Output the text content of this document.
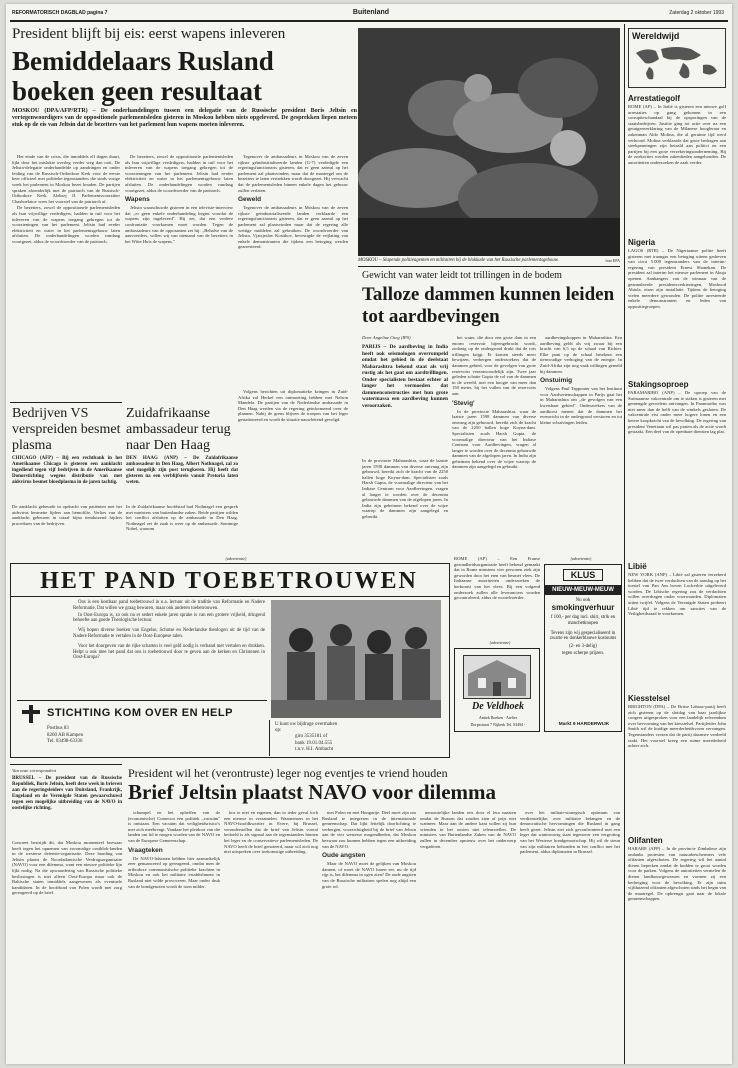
REFORMATORISCH DAGBLAD pagina 7	Buitenland	Zaterdag 2 oktober 1993
President blijft bij eis: eerst wapens inleveren
Bemiddelaars Rusland boeken geen resultaat
MOSKOU (DPA/AFP/RTR) – De onderhandelingen tussen een delegatie van de Russische president Boris Jeltsin en vertegenwoordigers van de oppositionele parlementsleden gisteren in Moskou hebben niets opgeleverd. De gesprekken liepen meteen stuk op de eis van Jeltsin dat de bezetters van het parlement hun wapens moeten inleveren.

Het einde van de crisis, die inmiddels elf dagen duurt, lijkt door het mislukte overleg verder weg dan ooit. De Jeltsin-delegatie onderhandelde op aandringen en onder leiding van de Russisch-Orthodoxe Kerk voor de eerste keer officieel met politieke tegenstanders die sinds vorige week het parlement in Moskou bezet houden. De partijen spraken afzonderlijk met de patriarch van de Russisch-Orthodoxe Kerk, Aleksej II. Parlementsvoorzitter Chasboelatov wees het voorstel van de patriarch af.

De bezetters, zowel de oppositionele parlementsleden als hun vrijwillige verdedigers, hadden in ruil voor het inleveren van de wapens toegang gekregen tot de voorzieningen van het parlement. Jeltsin had eerder elektriciteit en water in het parlementsgebouw laten afsluiten. De onderhandelingen worden vandaag voortgezet, aldus de woordvoerder van de patriarch.

De bezetters, zowel de oppositionele parlementsleden als hun vrijwillige verdedigers, hadden in ruil voor het inleveren van de wapens toegang gekregen tot de voorzieningen van het parlement. Jeltsin had eerder elektriciteit en water in het parlementsgebouw laten afsluiten. De onderhandelingen worden vandaag voortgezet, aldus de woordvoerder van de patriarch.

Wapens

Jeltsin waarschuwde gisteren in een televisie-interview dat ,,er geen enkele onderhandeling begint voordat de wapens zijn ingeleverd''. Hij zei, dat een verdere confrontatie voorkomen moet worden. Tegen de ambassadeurs van de opposanten zei hij: ,,Behalve van de aanvoerders, willen wij van niemand van de bezetters in het Witte Huis de wapens.''

Tegenover de ambassadeurs in Moskou van de zeven rijkste geïndustrialiseerde landen (G-7) verdedigde een regeringsfunctionaris gisteren, dat er geen aanval op het parlement zal plaatsvinden, maar dat de maatregel om de bezetters te laten vertrekken wordt doorgezet. Hij verwacht dat de parlementsleden binnen enkele dagen het gebouw zullen verlaten.

Geweld

Tegenover de ambassadeurs in Moskou van de zeven rijkste geïndustrialiseerde landen verklaarde een regeringsfunctionaris gisteren, dat er geen aanval op het parlement zal plaatsvinden maar dat de regering alle wettige middelen zal gebruiken. De woordvoerder van Jeltsin, Vjatsjeslav Kostikov, bevestigde de vrijlating van enkele demonstranten die tijdens een betoging werden gearresteerd.

Volgens berichten uit diplomatieke kringen in Zuid-Afrika zal Herkel een ontmoeting hebben met Nelson Mandela. De partijen van de Nederlandse ambassade in Den Haag werden via de regering geïnformeerd over de plannen. Nabij de grens blijven de troepen van het leger gestationeerd en wordt de situatie nauwlettend gevolgd.

MOSKOU – Slapende politieagenten en militairen bij de blokkade van het Russische parlementsgebouw.	foto EPA
Wereldwijd
Arrestatiegolf
ROME (AP) – In Italië is gisteren een nieuwe golf arrestaties op gang gekomen in een corruptieschandaal bij de opsporingen van de staatsbedrijven. Justitie ging tot actie over na een getuigenverklaring van de Milanese hoogleraar en zakenman Aldo Molina, die al geruime tijd werd verhoord. Molina verklaarde dat grote bedragen aan steekpenningen zijn betaald aan politici en een partijen bij een grote verzekeringsonderneming. Bij de zoekacties werden zakenlieden aangehouden. De autoriteiten onderzoeken de zaak verder.
Nigeria
LAGOS (RTR) – De Nigeriaanse politie heeft gisteren met traangas een betoging uiteen gedreven van circa 5.000 tegenstanders van de interim-regering van president Ernest Shonekan. De president zal interim het nieuwe parlement in Abuja openen. Aanhangers van de winnaar van de geannuleerde presidentsverkiezingen, Moshood Abiola, eisen zijn installatie. Tijdens de betoging vielen meerdere gewonden. De politie arresteerde enkele demonstranten en leden van oppositiegroepen.
Stakingsoproep
PARAMARIBO (ANP) – De oproep van de Surinaamse vakcentrale om te staken is gisteren met gemengde gevoelens ontvangen. In Paramaribo was niet meer dan de helft van de winkels gesloten. De vakcentrale eist onder meer hogere lonen en een betere koopkracht van de bevolking. De regering van president Venetiaan wil pas praten als de actie wordt gestaakt. Een deel van de openbare diensten lag plat.
Libië
NEW YORK (ANP) – Libië zal gisteren verzekerd hebben dat de twee verdachten van de aanslag op het toestel van Pan Am boven Lockerbie uitgeleverd worden. De Libische regering zou de verdachten willen overdragen onder voorwaarden. Diplomaten uitten twijfel. Volgens de Verenigde Staten probeert Libië tijd te rekken om sancties van de Veiligheidsraad te voorkomen.
Kiesstelsel
BRIGHTON (DPA) – De Britse Labour-partij heeft zich gisteren op de slotdag van haar jaarlijkse congres uitgesproken voor een landelijk referendum over hervorming van het kiesstelsel. Partijleider John Smith wil de huidige meerderheidsvorm vervangen. Tegenstanders vrezen dat de partij daarmee verdeeld raakt. Het voorstel kreeg een ruime meerderheid achter zich.
Olifanten
HARARE (AFP) – In de provincie Zimbabwe zijn ondanks protesten van natuurbeschermers vele olifanten afgeschoten. De regering wil het aantal dieren beperken omdat de kudden te groot worden voor de parken. Volgens de autoriteiten vernielen de dieren landbouwgewassen en vormen zij een bedreiging voor de bevolking. Er zijn ruim vijfduizend olifanten afgeschoten sinds het begin van de maatregel. De opbrengst gaat naar de lokale gemeenschappen.
Gewicht van water leidt tot trillingen in de bodem
Talloze dammen kunnen leiden tot aardbevingen
Door Angeline Oseg (IPS)
PARIJS – De aardbeving in India heeft ook seismologen overrompeld omdat het gebied in de deelstaat Maharashtra bekend staat als vrij rustig als het gaat om aardtrillingen. Onder specialisten bestaat echter al langer het vermoeden dat dammenconstructies met hun grote watermassa een aardbeving kunnen veroorzaken.
In de provincie Maharashtra, waar de laatste jaren 1598 dammen van diverse omvang zijn gebouwd, bereikt zich de kracht van de 2250 ballen hoge Koyna-dam. Specialisten zoals Harsh Gupta, de voormalige directeur van het Indiase Centrum voor Aardbevingen, vragen al langer te worden over de decennia gebouwde dammen van de afgelopen jaren. In India zijn geheimen bekend over de wijze waarop de dammen zijn aangelegd en gebruikt.

het water, die door een grote dam in een enorm reservoir bijeengebracht wordt, zodanig op de ondergrond drukt dat de rots trillingen krijgt. Er komen steeds meer bewijzen, verbergen onderzoekers dat de dammen gebied, voor de gevolgen van grote reservoirs verantwoordelijk zijn. Twee jaar geleden schatte Gupta de rol van de dammen in de wereld, met een hoogte van meer dan 150 meter, bij het vullen van de reservoirs aan.

'Stevig'

In de provincie Maharashtra, waar de laatste jaren 1598 dammen van diverse omvang zijn gebouwd, bereikt zich de kracht van de 2250 ballen hoge Koyna-dam. Specialisten zoals Harsh Gupta, de voormalige directeur van het Indiase Centrum voor Aardbevingen, vragen al langer te worden over de decennia gebouwde dammen van de afgelopen jaren. In India zijn geheimen bekend over de wijze waarop de dammen zijn aangelegd en gebruikt.

aardbevingskoppen in Maharashtra. Een aardbeving geldt als vrij zwaar bij een kracht van 6,5 op de schaal van Richter. Elke punt op de schaal betekent een tienvoudige verhoging van de energie. In Zuid-Afrika zijn nog vaak trillingen gemeld bij dammen.

Onstuimig

Volgens Paul Tapponier van het Instituut voor Aardwetenschappen in Parijs gaat het in Maharashtra om ,,de gevolgen van een kwetsbaar gebied''. Onderzoekers van de aardkorst menen dat de dammen het evenwicht in de ondergrond verstoren en tot kleine schuivingen leiden.

Bedrijven VS verspreiden besmet plasma
CHICAGO (AFP) – Bij een rechtbank in het Amerikaanse Chicago is gisteren een aanklacht ingediend tegen vijf bedrijven in de Amerikaanse Donorstichting wegens distributie van met aidsvirus besmet bloedplasma in de jaren tachtig.
De aanklacht gebeurde in opdracht van patiënten met het aidsvirus besmette lijders aan hemofilie. Verlies van de aanklacht gebeuren in totaal bijna tienduizend hijders procedures van de bedrijven.
Zuidafrikaanse ambassadeur terug naar Den Haag
DEN HAAG (ANP) – De Zuidafrikaanse ambassadeur in Den Haag, Albert Nothnagel, zal zo snel mogelijk zijn post terugkeren. Hij heeft dat gisteren na een verblijfsreis vanuit Pretoria laten weten.
In de Zuidafrikaanse hoofdstad had Nothnagel een gesprek met ministers van buitenlandse zaken. Beide partijen wilden het conflict afsluiten op de ambassade in Den Haag. Nothnagel zei de zaak is weer op de ambassade. Sommige Nobel, waarom
(advertentie)
HET PAND TOEBETROUWEN

Ons is een kostbaar pand toebetrouwd in o.a. lectuur uit de traditie van Reformatie en Nadere Reformatie. Dat willen we graag bewaren, maar ook anderen toebetrouwen.

In Oost-Europa is, zo ook nu er sedert enkele jaren sprake is van een grotere vrijheid, dringend behoefte aan goede Theologische lectuur.

Wij hopen diverse boeken van Engelse, Schotse en Nederlandse theologen uit de tijd van de Nadere Reformatie te vertalen in de Oost-Europese talen.

Voor het doorgeven van de rijke schatten is veel geld nodig is verband met vertalen en drukken. Helpt u ook mee het pand dat ons is toebetrouwd door te geven aan de kerken en Christenen in Oost-Europa?

STICHTING KOM OVER EN HELP
Postbus 83
8260 AB Kampen
Tel. 03498-63336
U kunt uw bijdrage overmaken
op:
giro 3535181 of
bank 19.01.04.555
t.n.v. H.I. Ambacht
ROME (AP) – Een Franse gezondheidsorganisatie heeft bekend gemaakt dat in Rome minstens vier personen ziek zijn geworden door het eten van besmet vlees. De Italiaanse autoriteiten onderzoeken de herkomst van het vlees. Bij een volgend onderzoek zullen alle leveranciers worden gecontroleerd, aldus de woordvoerder.
(advertentie)
De Veldhoek
Antiek Boeken · Atelier
Dorpsstraat 7 Nijkerk Tel. 03494 -
(advertentie)
KLUS
NIEUW-MEUW-MEUW
Nu ook
smokingverhuur
f 100,- per dag incl. shirt, strik en manchetknopen
Tevens zijn wij gespecialiseerd in zwarte en donkerblauwe kostuums
(2- en 3-delig)
tegen scherpe prijzen.
Markt 9 HARDERWIJK
Van onze correspondent
BRUSSEL – De president van de Russische Republiek, Boris Jeltsin, heeft deze week in brieven aan de regeringsleiders van Duitsland, Frankrijk, Engeland en de Verenigde Staten gewaarschuwd tegen een mogelijke uitbreiding van de NAVO in oostelijke richting.
Concreet bestrijdt dit, dat Moskou momenteel bezwaar heeft tegen het opnemen van voormalige oostblok-landen in de westerse defensie-organisatie. Deze houding van Jeltsin plaatst de Noordatlantische Verdragsorganisatie (NAVO) voor een dilemma, want een nieuwe politieke lijn lijkt nodig. Na die opwaardering van Russische politieke beslissingen is niet alleen Oost-Europa maar ook de Baltische staten inmiddels aangewezen als eventuele kandidaten. In de hoofdstad van Polen wordt met zorg gereageerd op de brief.
President wil het (verontruste) leger nog eventjes te vriend houden
Brief Jeltsin plaatst NAVO voor dilemma

schumpel en het opheffen van de (economische) Comecon een politiek ,,vacuüm'' is ontstaan. Een vacuüm dat veiligheidsrisico's met zich meebrengt. Vandaar het pleidooi van die landen om lid te mogen worden van de NAVO en van de Europese Gemeenschap.

Vraagteken

De NAVO-lidstaten hebben hier aanvankelijk zeer genuanceerd op gereageerd, omdat men de orthodoxe communistische politieke krachten in Moskou en ook het militaire establishment in Rusland niet wilde provoceren. Maar onder druk van de bondgenoten wordt de toon milder.

kos te niet en eigenen, dan in ieder geval toch een nieuwe in verzamelen. Waarnemers in het NAVO-hoofdkwartier in Evere, bij Brussel, veronderstellen dat de brief van Jeltsin vooral bedoeld is als signaal aan de tegenstanders binnen het leger en de conservatieve parlementsleden. De NAVO heeft de brief genoteerd, maar wil zich nog niet uitspreken over toekomstige uitbreiding.

met Polen en met Hongarije. Deel moet zijn om Rusland te integreren in de internationale gemeenschap. Dat lijkt feitelijk doorlichting te verbergen, voorzichtigheid bij de brief van Jeltsin aan de vier westerse mogendheden, dat Moskou bezwaar zou kunnen hebben tegen een uitbreiding van de NAVO.

Oude angsten

Maar de NAVO moet de gelijken van Moskou dannen, of moet de NAVO haren eer, nu de tijd rijp is, het dilemma in ogen zien? De oude angsten van de Russische militairen spelen nog altijd een grote rol.

nenoostelijke landen reis door el lera naasten omdat de Russen dat zouden zien af prijs niet wanneer. Maar aan de andere kant willen zij hun vrienden in het oosten niet teleurstellen. De ministers van Buitenlandse Zaken van de NAVO zullen in december opnieuw over het onderwerp vergaderen.

over het militair-strategisch optimum van verdienstelijke, over militaire belangen en de democratische hervormingen die Rusland in gang heeft gezet. Jeltsin ziet zich geconfronteerd met een leger dat wantrouwig staat tegenover een vergroting van het Westerse bondgenootschap. Hij wil de steun van zijn militairen behouden in het conflict met het parlement, aldus diplomaten in Brussel.
